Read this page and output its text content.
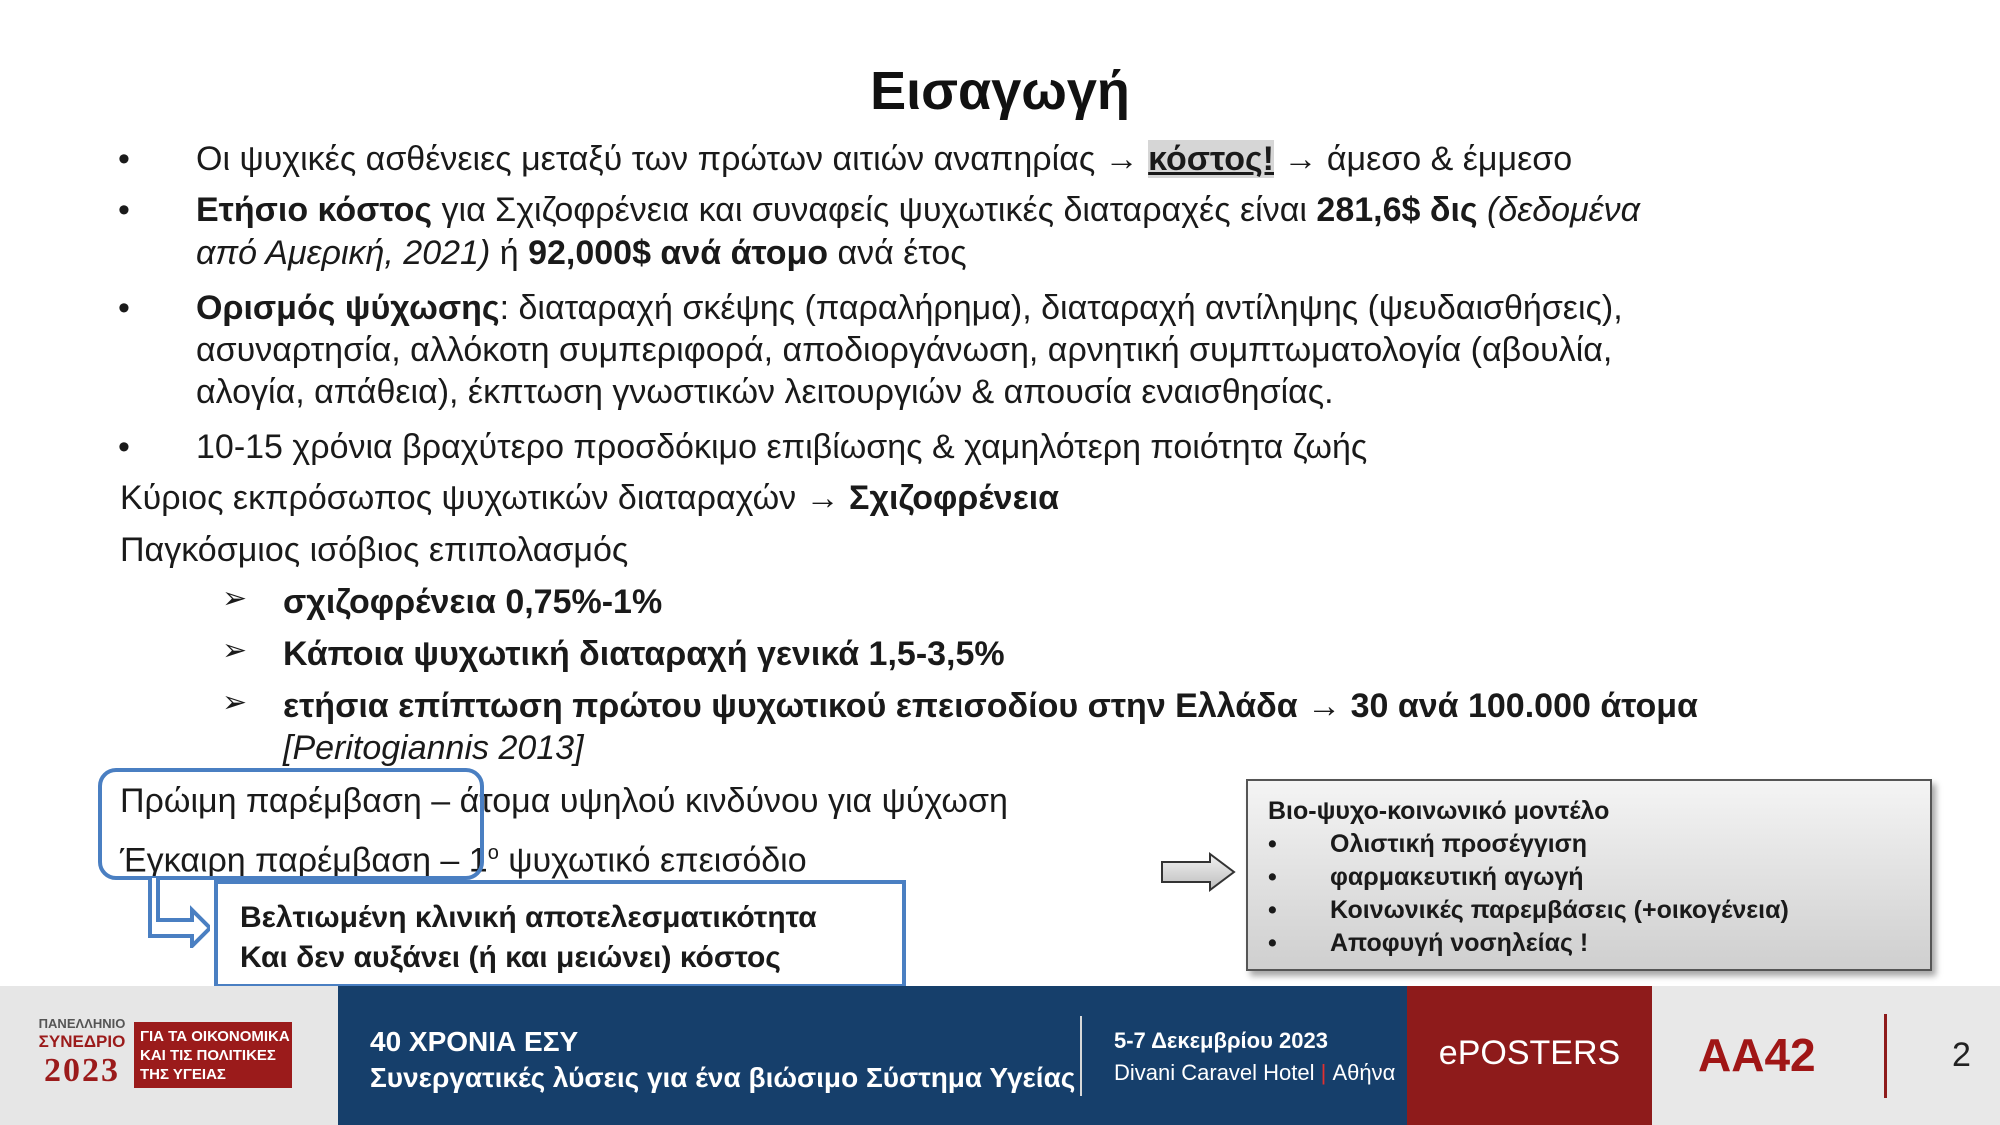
Εισαγωγή
• Οι ψυχικές ασθένειες μεταξύ των πρώτων αιτιών αναπηρίας → κόστος! → άμεσο & έμμεσο
• Ετήσιο κόστος για Σχιζοφρένεια και συναφείς ψυχωτικές διαταραχές είναι 281,6$ δις (δεδομένα
από Αμερική, 2021) ή 92,000$ ανά άτομο ανά έτος
• Ορισμός ψύχωσης: διαταραχή σκέψης (παραλήρημα), διαταραχή αντίληψης (ψευδαισθήσεις),
ασυναρτησία, αλλόκοτη συμπεριφορά, αποδιοργάνωση, αρνητική συμπτωματολογία (αβουλία,
αλογία, απάθεια), έκπτωση γνωστικών λειτουργιών & απουσία εναισθησίας.
• 10-15 χρόνια βραχύτερο προσδόκιμο επιβίωσης & χαμηλότερη ποιότητα ζωής
Κύριος εκπρόσωπος ψυχωτικών διαταραχών → Σχιζοφρένεια
Παγκόσμιος ισόβιος επιπολασμός
➢ σχιζοφρένεια 0,75%-1%
➢ Κάποια ψυχωτική διαταραχή γενικά 1,5-3,5%
➢ ετήσια επίπτωση πρώτου ψυχωτικού επεισοδίου στην Ελλάδα → 30 ανά 100.000 άτομα
[Peritogiannis 2013]
Πρώιμη παρέμβαση – άτομα υψηλού κινδύνου για ψύχωση
Έγκαιρη παρέμβαση – $1^o$ ψυχωτικό επεισόδιο
Βελτιωμένη κλινική αποτελεσματικότητα
Και δεν αυξάνει (ή και μειώνει) κόστος
Βιο-ψυχο-κοινωνικό μοντέλο
• Ολιστική προσέγγιση
• φαρμακευτική αγωγή
• Κοινωνικές παρεμβάσεις (+οικογένεια)
• Αποφυγή νοσηλείας !
ΠΑΝΕΛΛΗΝΙΟ
ΣΥΝΕΔΡΙΟ
2023
ΓΙΑ ΤΑ ΟΙΚΟΝΟΜΙΚΑ
ΚΑΙ ΤΙΣ ΠΟΛΙΤΙΚΕΣ
ΤΗΣ ΥΓΕΙΑΣ
40 ΧΡΟΝΙΑ ΕΣΥ
Συνεργατικές λύσεις για ένα βιώσιμο Σύστημα Υγείας
5-7 Δεκεμβρίου 2023
Divani Caravel Hotel | Αθήνα
ePOSTERS	ΑΑ42	2
